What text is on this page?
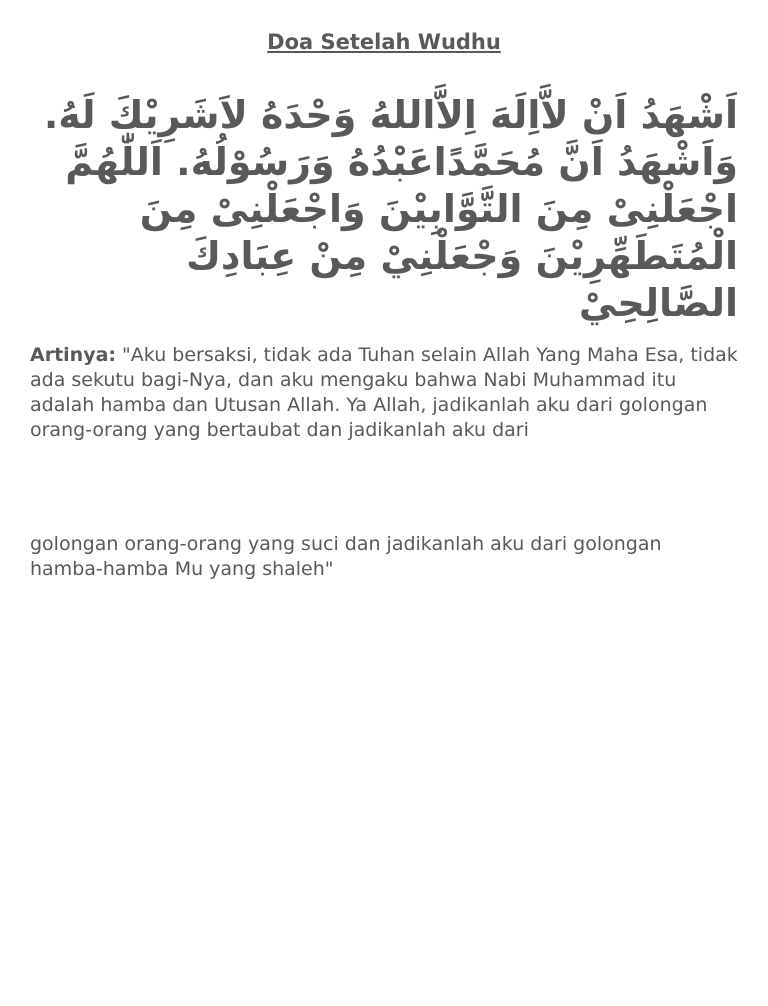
Doa Setelah Wudhu
اَشْهَدُ اَنْ لاَّاِلَهَ اِلاَّاللهُ وَحْدَهُ لاَشَرِيْكَ لَهُ. وَاَشْهَدُ اَنَّ مُحَمَّدًاعَبْدُهُ وَرَسُوْلُهُ. اَللّٰهُمَّ اجْعَلْنِىْ مِنَ التَّوَّابِيْنَ وَاجْعَلْنِىْ مِنَ الْمُتَطَهِّرِيْنَ وَجْعَلْنِيْ مِنْ عِبَادِكَ الصَّالِحِيْ
Artinya: "Aku bersaksi, tidak ada Tuhan selain Allah Yang Maha Esa, tidak ada sekutu bagi-Nya, dan aku mengaku bahwa Nabi Muhammad itu adalah hamba dan Utusan Allah. Ya Allah, jadikanlah aku dari golongan orang-orang yang bertaubat dan jadikanlah aku dari
golongan orang-orang yang suci dan jadikanlah aku dari golongan hamba-hamba Mu yang shaleh"
